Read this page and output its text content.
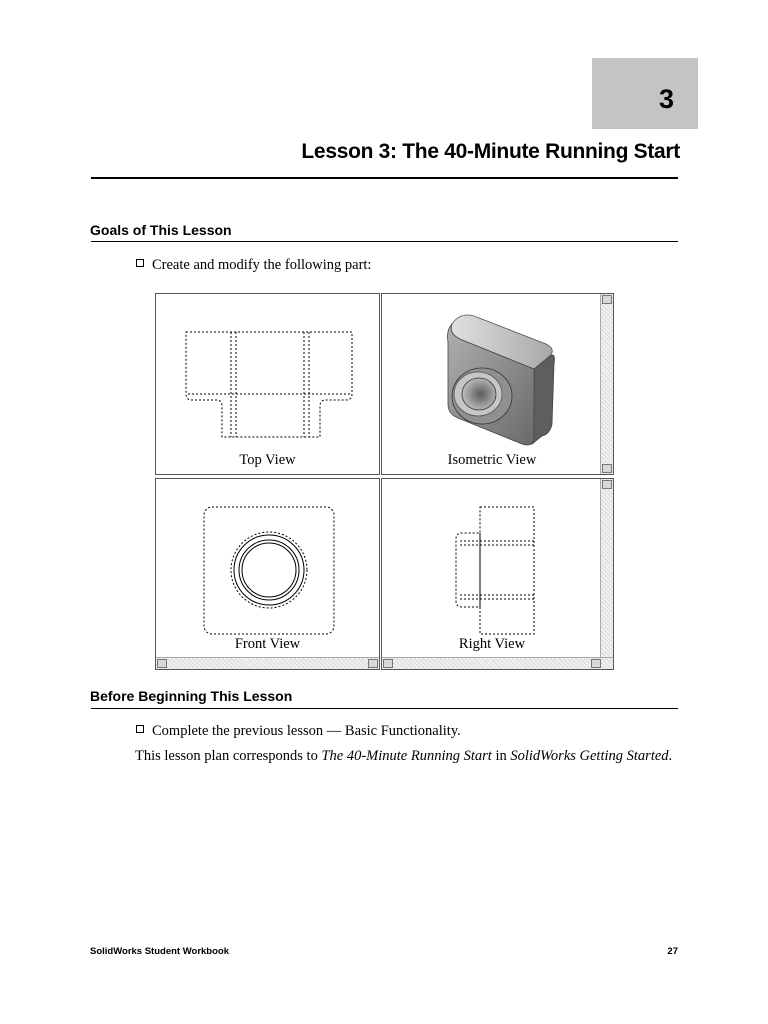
3
Lesson 3: The 40-Minute Running Start
Goals of This Lesson
Create and modify the following part:
Top View	Isometric View
Front View	Right View
Before Beginning This Lesson
Complete the previous lesson — Basic Functionality.
This lesson plan corresponds to The 40-Minute Running Start in SolidWorks Getting Started.
SolidWorks Student Workbook	27
